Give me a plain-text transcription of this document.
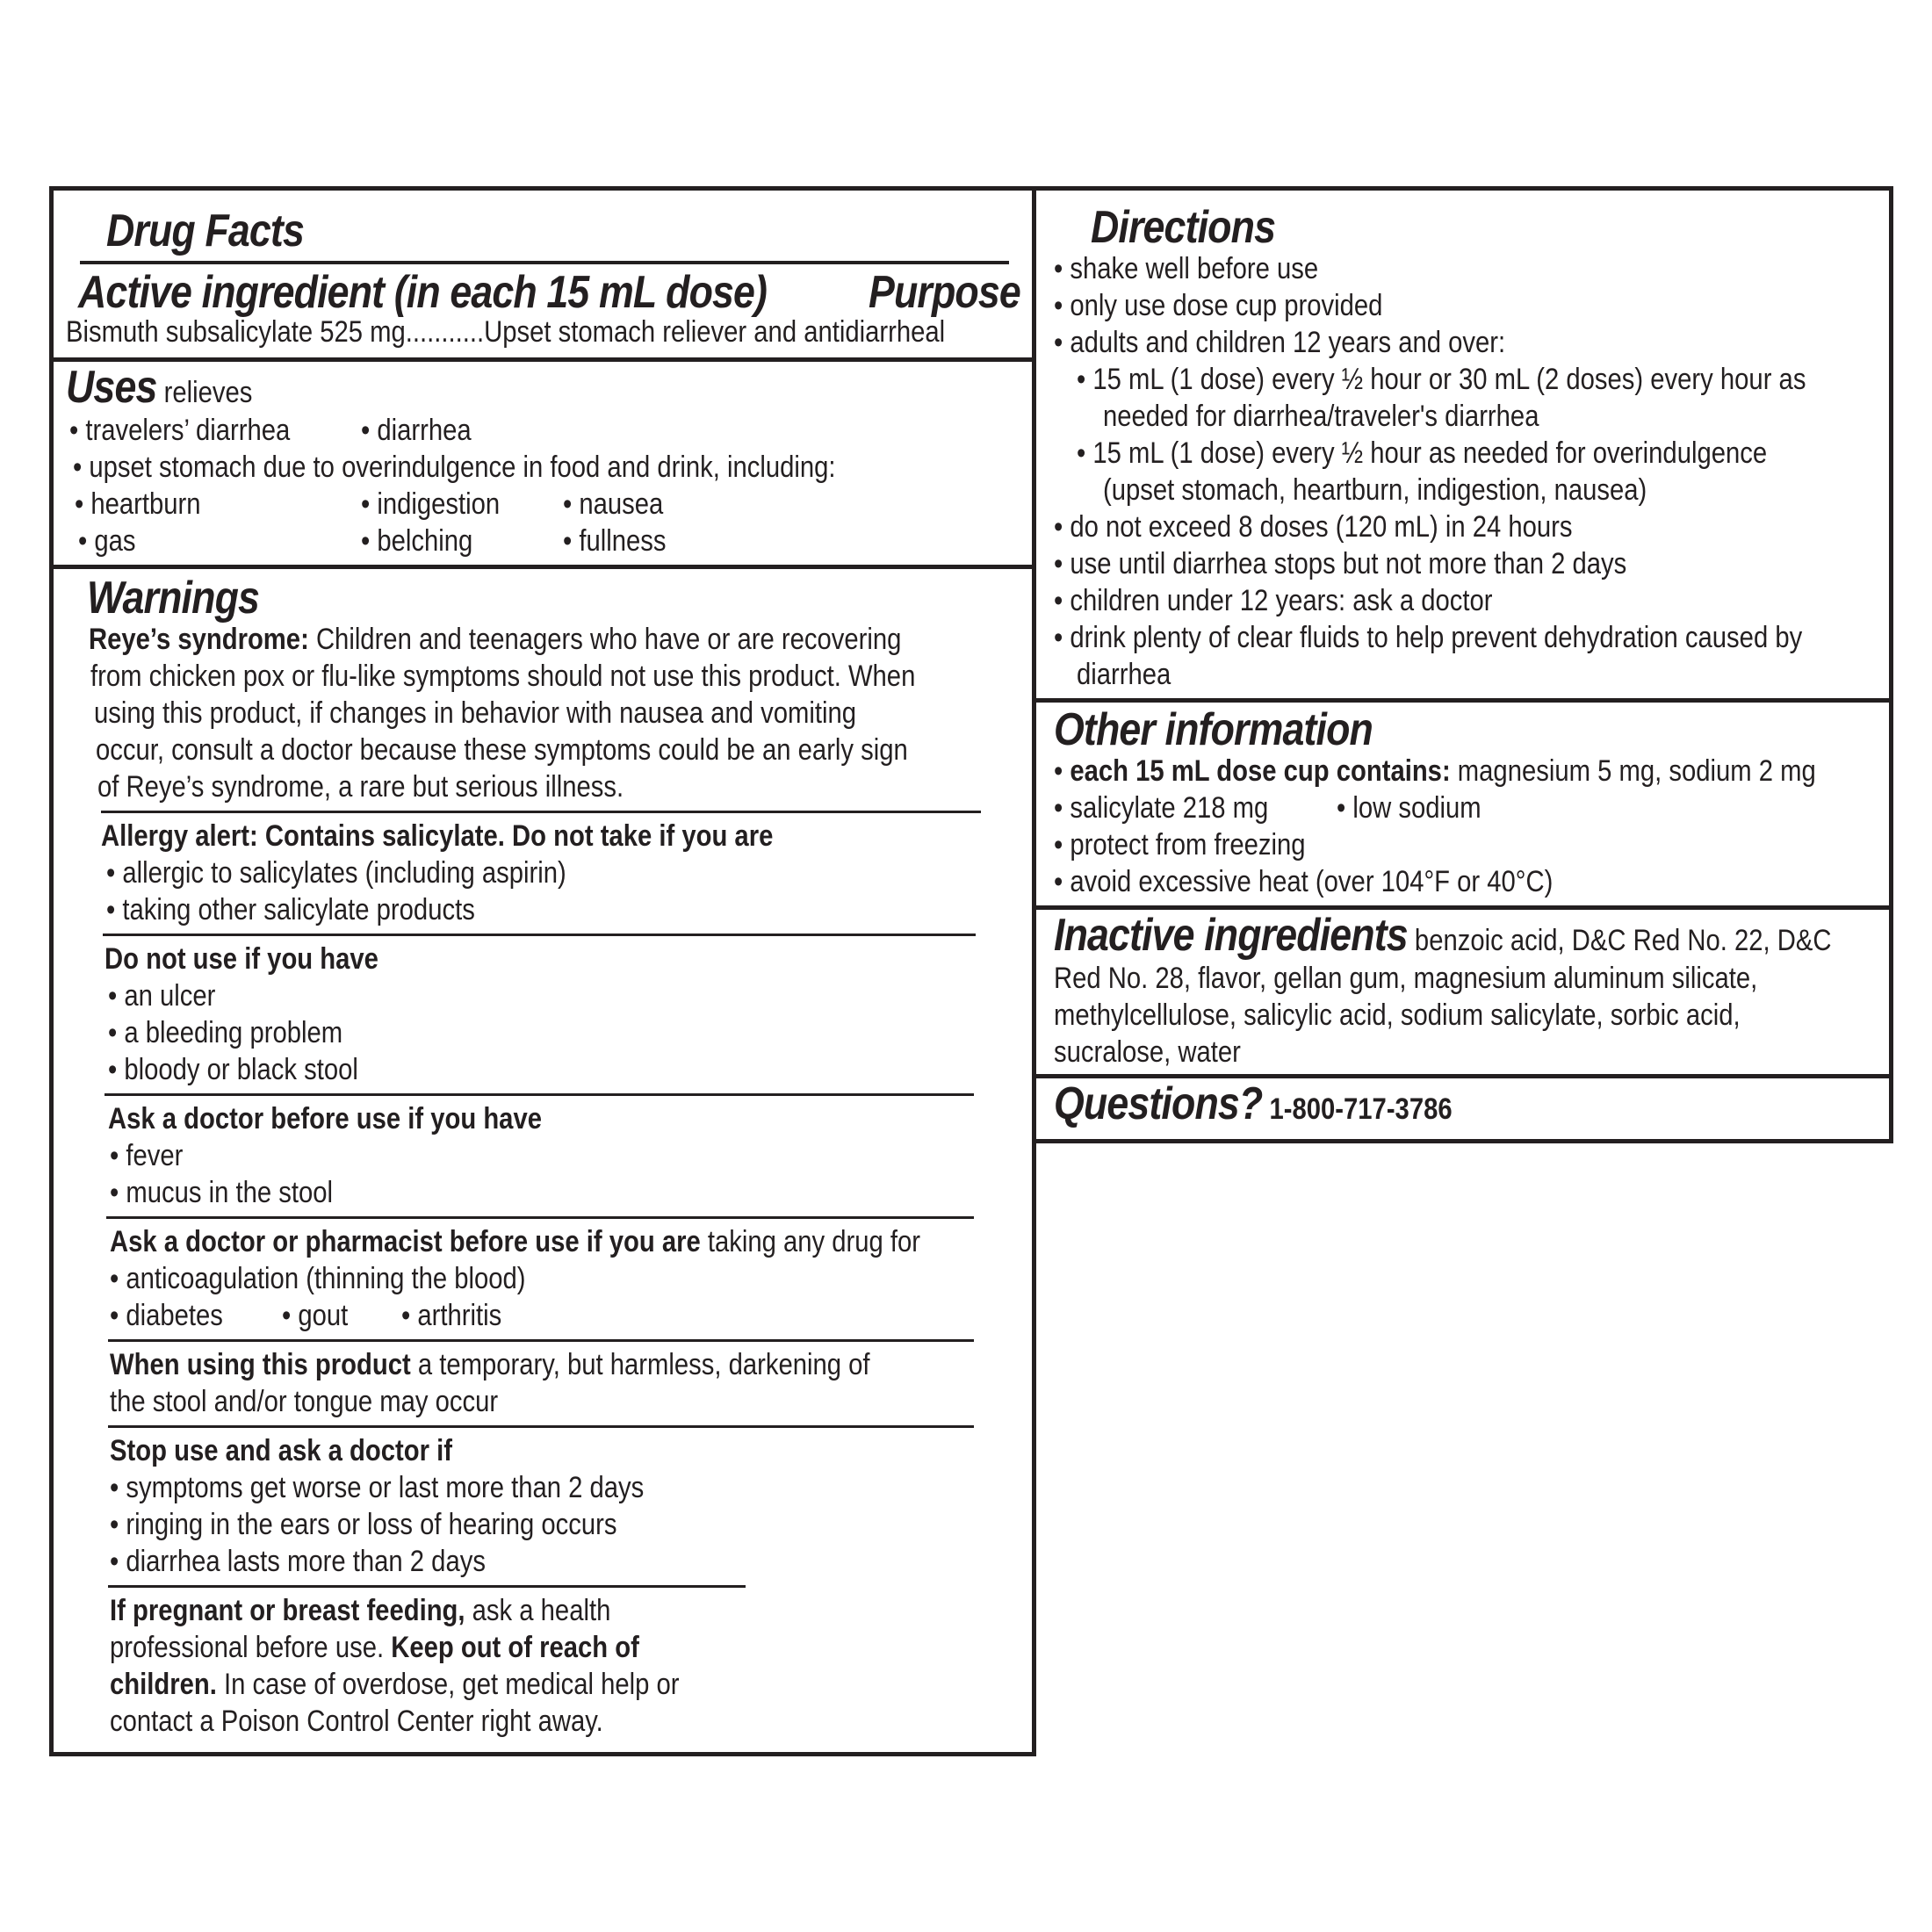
Drug Facts
Active ingredient (in each 15 mL dose)	Purpose
Bismuth subsalicylate 525 mg...........Upset stomach reliever and antidiarrheal
Uses relieves
• travelers’ diarrhea	• diarrhea
• upset stomach due to overindulgence in food and drink, including:
• heartburn	• indigestion	• nausea
• gas	• belching	• fullness
Warnings
Reye’s syndrome: Children and teenagers who have or are recovering
from chicken pox or flu-like symptoms should not use this product. When
using this product, if changes in behavior with nausea and vomiting
occur, consult a doctor because these symptoms could be an early sign
of Reye’s syndrome, a rare but serious illness.
Allergy alert: Contains salicylate. Do not take if you are
• allergic to salicylates (including aspirin)
• taking other salicylate products
Do not use if you have
• an ulcer
• a bleeding problem
• bloody or black stool
Ask a doctor before use if you have
• fever
• mucus in the stool
Ask a doctor or pharmacist before use if you are taking any drug for
• anticoagulation (thinning the blood)
• diabetes	• gout	• arthritis
When using this product a temporary, but harmless, darkening of
the stool and/or tongue may occur
Stop use and ask a doctor if
• symptoms get worse or last more than 2 days
• ringing in the ears or loss of hearing occurs
• diarrhea lasts more than 2 days
If pregnant or breast feeding, ask a health
professional before use. Keep out of reach of
children. In case of overdose, get medical help or
contact a Poison Control Center right away.
Directions
• shake well before use
• only use dose cup provided
• adults and children 12 years and over:
• 15 mL (1 dose) every ½ hour or 30 mL (2 doses) every hour as
needed for diarrhea/traveler's diarrhea
• 15 mL (1 dose) every ½ hour as needed for overindulgence
(upset stomach, heartburn, indigestion, nausea)
• do not exceed 8 doses (120 mL) in 24 hours
• use until diarrhea stops but not more than 2 days
• children under 12 years: ask a doctor
• drink plenty of clear fluids to help prevent dehydration caused by
diarrhea
Other information
• each 15 mL dose cup contains: magnesium 5 mg, sodium 2 mg
• salicylate 218 mg	• low sodium
• protect from freezing
• avoid excessive heat (over 104°F or 40°C)
Inactive ingredients benzoic acid, D&C Red No. 22, D&C
Red No. 28, flavor, gellan gum, magnesium aluminum silicate,
methylcellulose, salicylic acid, sodium salicylate, sorbic acid,
sucralose, water
Questions? 1-800-717-3786
